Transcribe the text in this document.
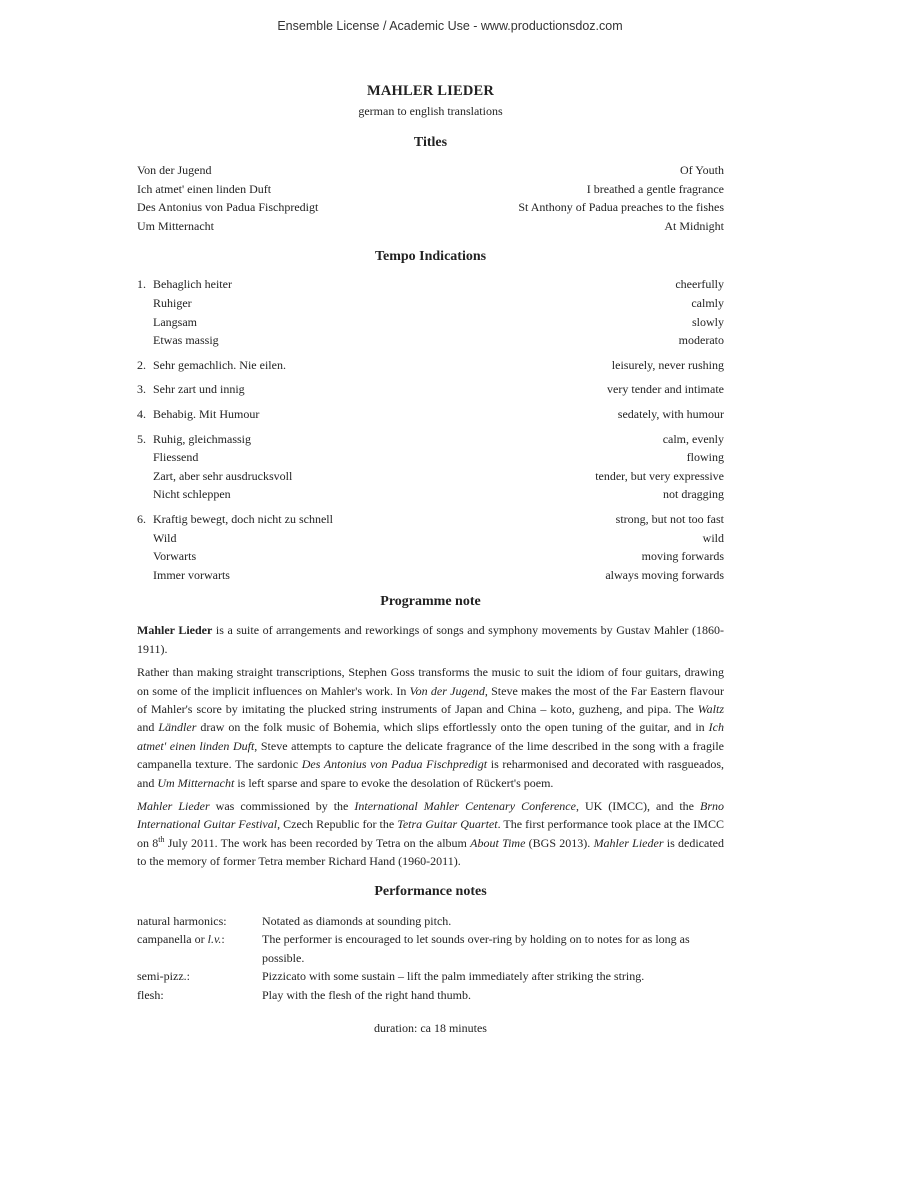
Ensemble License / Academic Use - www.productionsdoz.com

MAHLER LIEDER

german to english translations

Titles
Von der Jugend	Of Youth
Ich atmet' einen linden Duft	I breathed a gentle fragrance
Des Antonius von Padua Fischpredigt	St Anthony of Padua preaches to the fishes
Um Mitternacht	At Midnight
Tempo Indications
1. Behaglich heiter	cheerfully
Ruhiger	calmly
Langsam	slowly
Etwas massig	moderato
2. Sehr gemachlich. Nie eilen.	leisurely, never rushing
3. Sehr zart und innig	very tender and intimate
4. Behabig. Mit Humour	sedately, with humour
5. Ruhig, gleichmassig	calm, evenly
Fliessend	flowing
Zart, aber sehr ausdrucksvoll	tender, but very expressive
Nicht schleppen	not dragging
6. Kraftig bewegt, doch nicht zu schnell	strong, but not too fast
Wild	wild
Vorwarts	moving forwards
Immer vorwarts	always moving forwards
Programme note

Mahler Lieder is a suite of arrangements and reworkings of songs and symphony movements by Gustav Mahler (1860-1911).

Rather than making straight transcriptions, Stephen Goss transforms the music to suit the idiom of four guitars, drawing on some of the implicit influences on Mahler's work. In Von der Jugend, Steve makes the most of the Far Eastern flavour of Mahler's score by imitating the plucked string instruments of Japan and China – koto, guzheng, and pipa. The Waltz and Ländler draw on the folk music of Bohemia, which slips effortlessly onto the open tuning of the guitar, and in Ich atmet' einen linden Duft, Steve attempts to capture the delicate fragrance of the lime described in the song with a fragile campanella texture. The sardonic Des Antonius von Padua Fischpredigt is reharmonised and decorated with rasgueados, and Um Mitternacht is left sparse and spare to evoke the desolation of Rückert's poem.

Mahler Lieder was commissioned by the International Mahler Centenary Conference, UK (IMCC), and the Brno International Guitar Festival, Czech Republic for the Tetra Guitar Quartet. The first performance took place at the IMCC on 8th July 2011. The work has been recorded by Tetra on the album About Time (BGS 2013). Mahler Lieder is dedicated to the memory of former Tetra member Richard Hand (1960-2011).

Performance notes
natural harmonics:	Notated as diamonds at sounding pitch.
campanella or l.v.:	The performer is encouraged to let sounds over-ring by holding on to notes for as long as possible.
semi-pizz.:	Pizzicato with some sustain – lift the palm immediately after striking the string.
flesh:	Play with the flesh of the right hand thumb.
duration: ca 18 minutes
